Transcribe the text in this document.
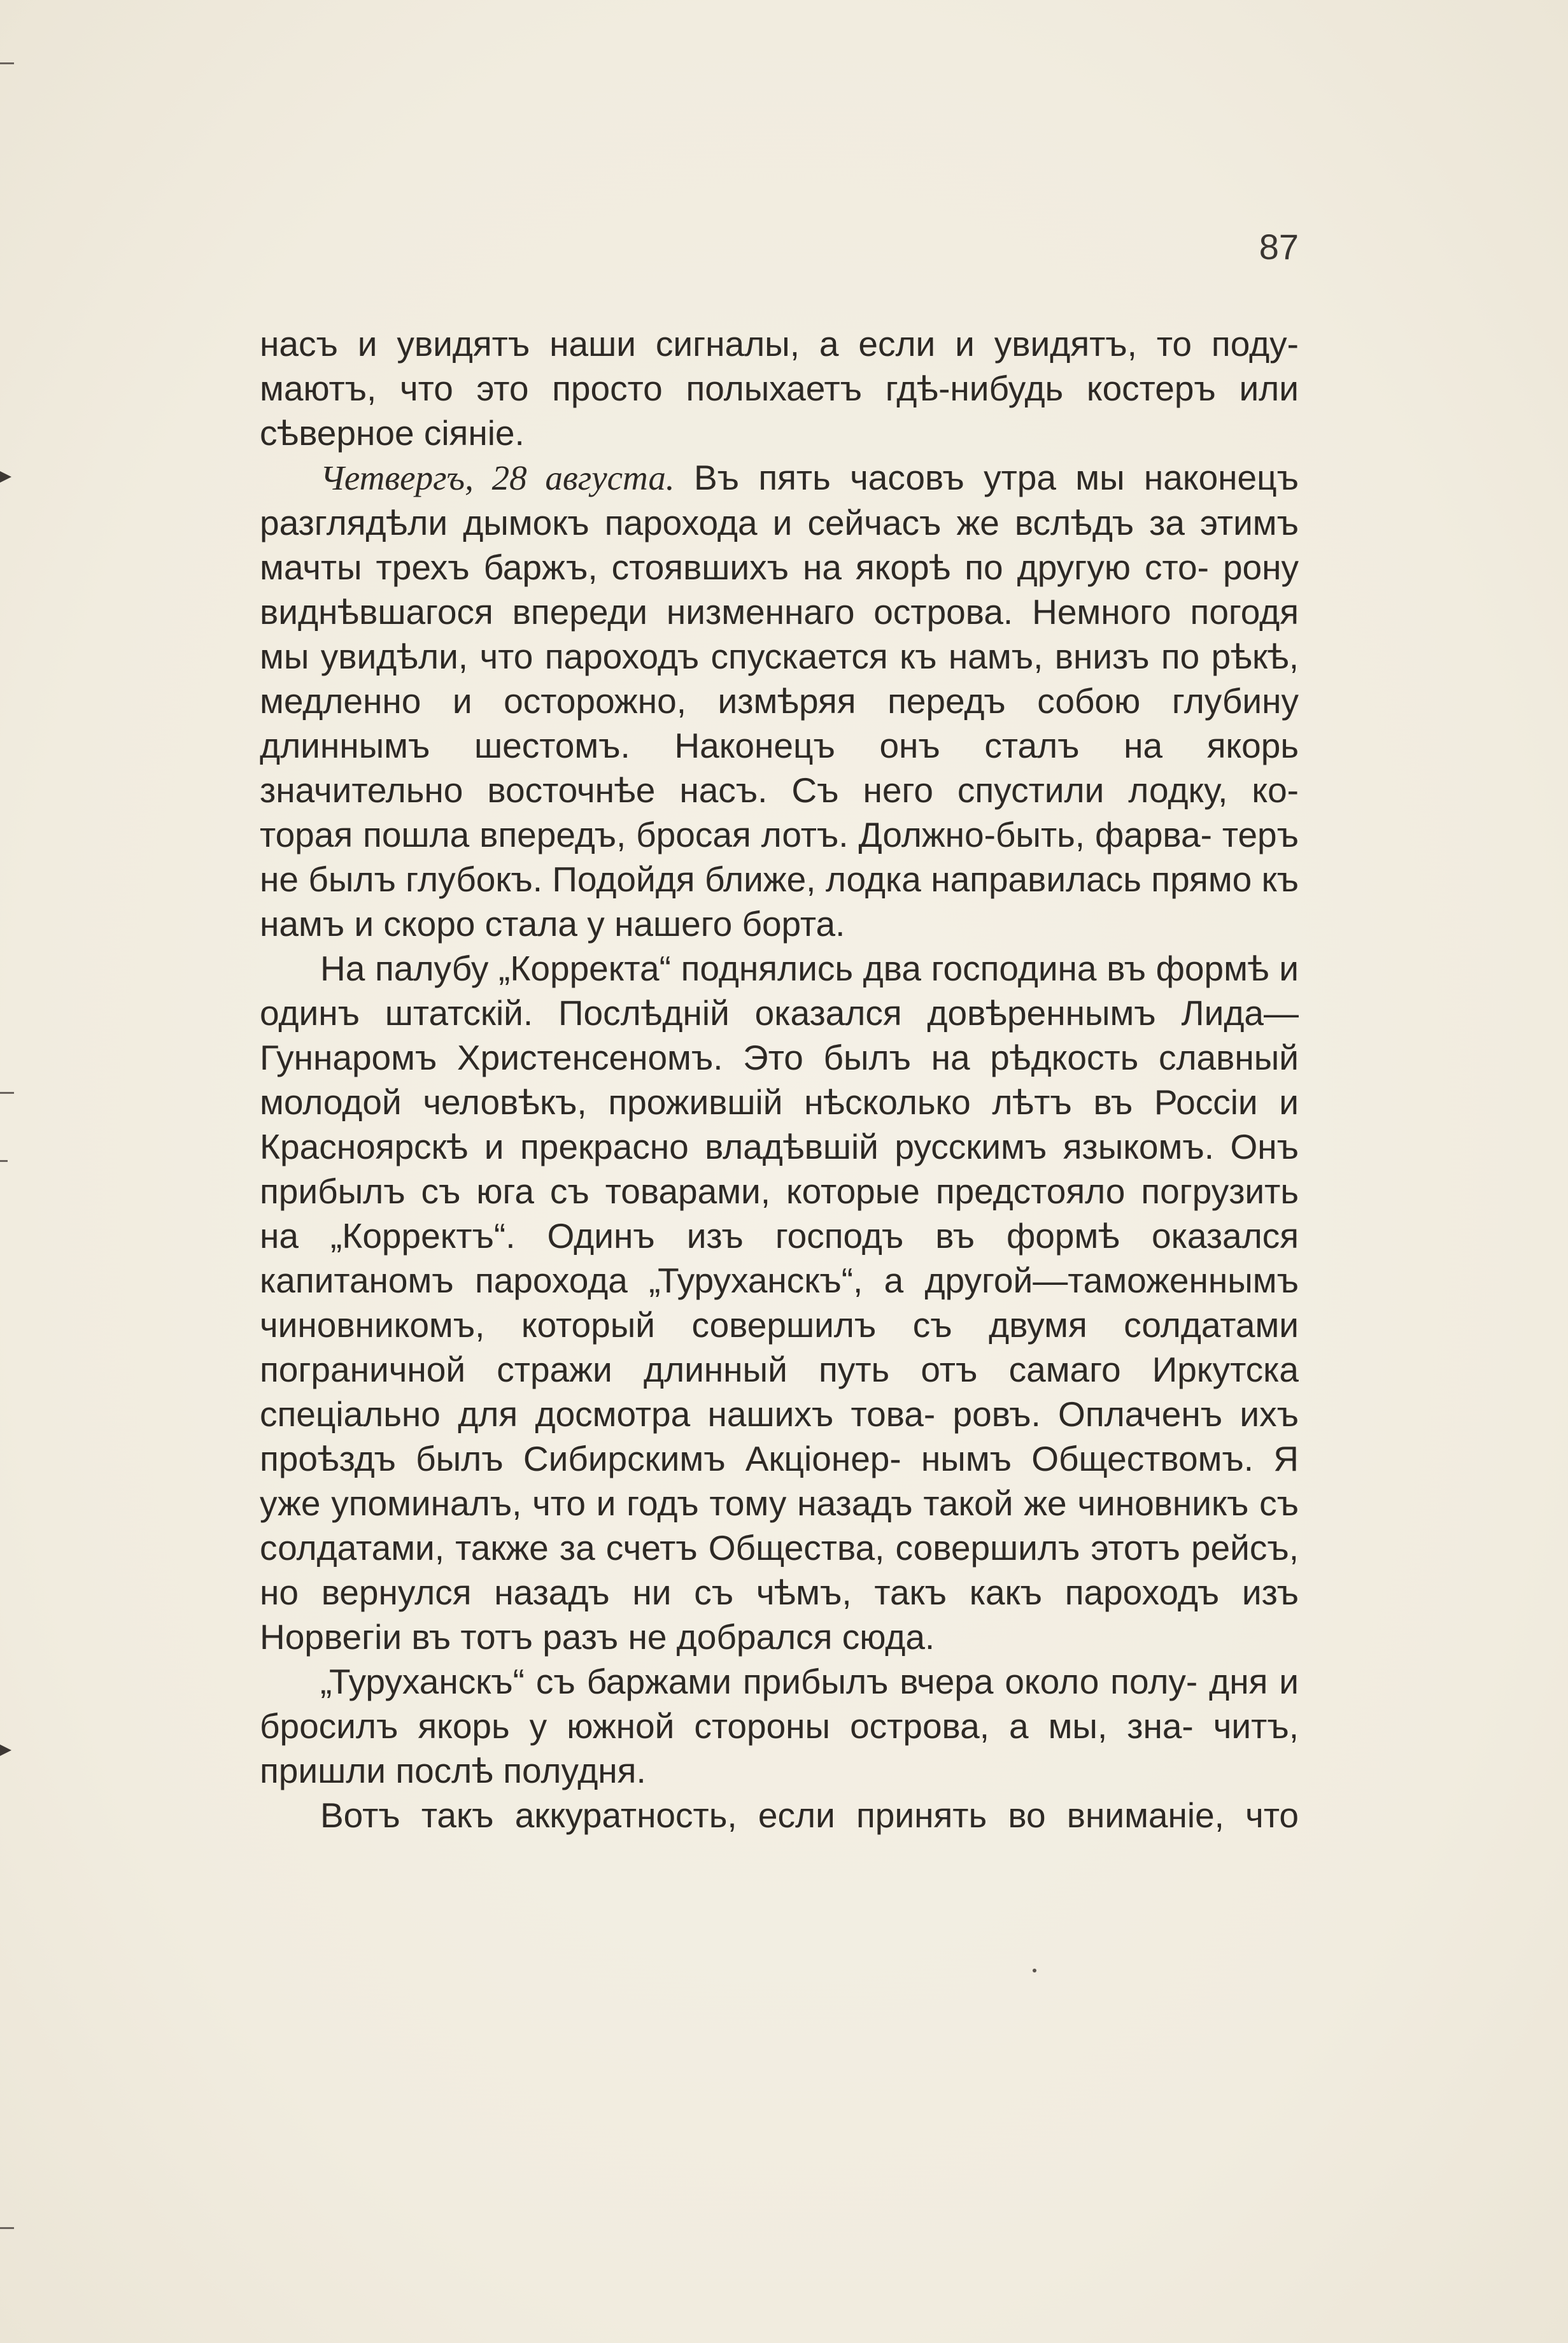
87

насъ и увидятъ наши сигналы, а если и увидятъ, то поду- маютъ, что это просто полыхаетъ гдѣ-нибудь костеръ или сѣверное сiянiе.

Четвергъ, 28 августа. Въ пять часовъ утра мы наконецъ разглядѣли дымокъ парохода и сейчасъ же вслѣдъ за этимъ мачты трехъ баржъ, стоявшихъ на якорѣ по другую сто- рону виднѣвшагося впереди низменнаго острова. Немного погодя мы увидѣли, что пароходъ спускается къ намъ, внизъ по рѣкѣ, медленно и осторожно, измѣряя передъ собою глубину длиннымъ шестомъ. Наконецъ онъ сталъ на якорь значительно восточнѣе насъ. Съ него спустили лодку, ко- торая пошла впередъ, бросая лотъ. Должно-быть, фарва- теръ не былъ глубокъ. Подойдя ближе, лодка направилась прямо къ намъ и скоро стала у нашего борта.

На палубу „Корректа“ поднялись два господина въ формѣ и одинъ штатскiй. Послѣднiй оказался довѣреннымъ Лида—Гуннаромъ Христенсеномъ. Это былъ на рѣдкость славный молодой человѣкъ, прожившiй нѣсколько лѣтъ въ Россiи и Красноярскѣ и прекрасно владѣвшiй русскимъ языкомъ. Онъ прибылъ съ юга съ товарами, которые предстояло погрузить на „Корректъ“. Одинъ изъ господъ въ формѣ оказался капитаномъ парохода „Туруханскъ“, а другой—таможеннымъ чиновникомъ, который совершилъ съ двумя солдатами пограничной стражи длинный путь отъ самаго Иркутска спецiально для досмотра нашихъ това- ровъ. Оплаченъ ихъ проѣздъ былъ Сибирскимъ Акцiонер- нымъ Обществомъ. Я уже упоминалъ, что и годъ тому назадъ такой же чиновникъ съ солдатами, также за счетъ Общества, совершилъ этотъ рейсъ, но вернулся назадъ ни съ чѣмъ, такъ какъ пароходъ изъ Норвегiи въ тотъ разъ не добрался сюда.

„Туруханскъ“ съ баржами прибылъ вчера около полу- дня и бросилъ якорь у южной стороны острова, а мы, зна- читъ, пришли послѣ полудня.

Вотъ такъ аккуратность, если принять во вниманiе, что
